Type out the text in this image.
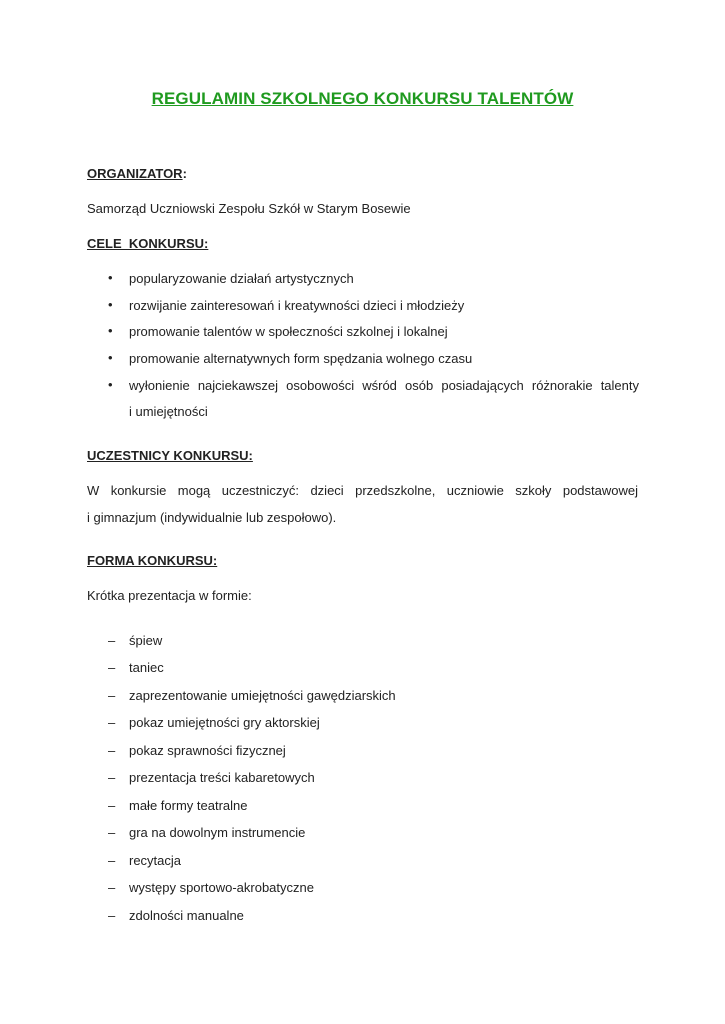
REGULAMIN SZKOLNEGO KONKURSU TALENTÓW
ORGANIZATOR:
Samorząd Uczniowski Zespołu Szkół w Starym Bosewie
CELE  KONKURSU:
•	popularyzowanie działań artystycznych
•	rozwijanie zainteresowań i kreatywności dzieci i młodzieży
•	promowanie talentów w społeczności szkolnej i lokalnej
•	promowanie alternatywnych form spędzania wolnego czasu
•	wyłonienie najciekawszej osobowości wśród osób posiadających różnorakie talenty
i umiejętności
UCZESTNICY KONKURSU:
W konkursie mogą uczestniczyć: dzieci przedszkolne, uczniowie szkoły podstawowej
i gimnazjum (indywidualnie lub zespołowo).
FORMA KONKURSU:
Krótka prezentacja w formie:
–	śpiew
–	taniec
–	zaprezentowanie umiejętności gawędziarskich
–	pokaz umiejętności gry aktorskiej
–	pokaz sprawności fizycznej
–	prezentacja treści kabaretowych
–	małe formy teatralne
–	gra na dowolnym instrumencie
–	recytacja
–	występy sportowo-akrobatyczne
–	zdolności manualne
